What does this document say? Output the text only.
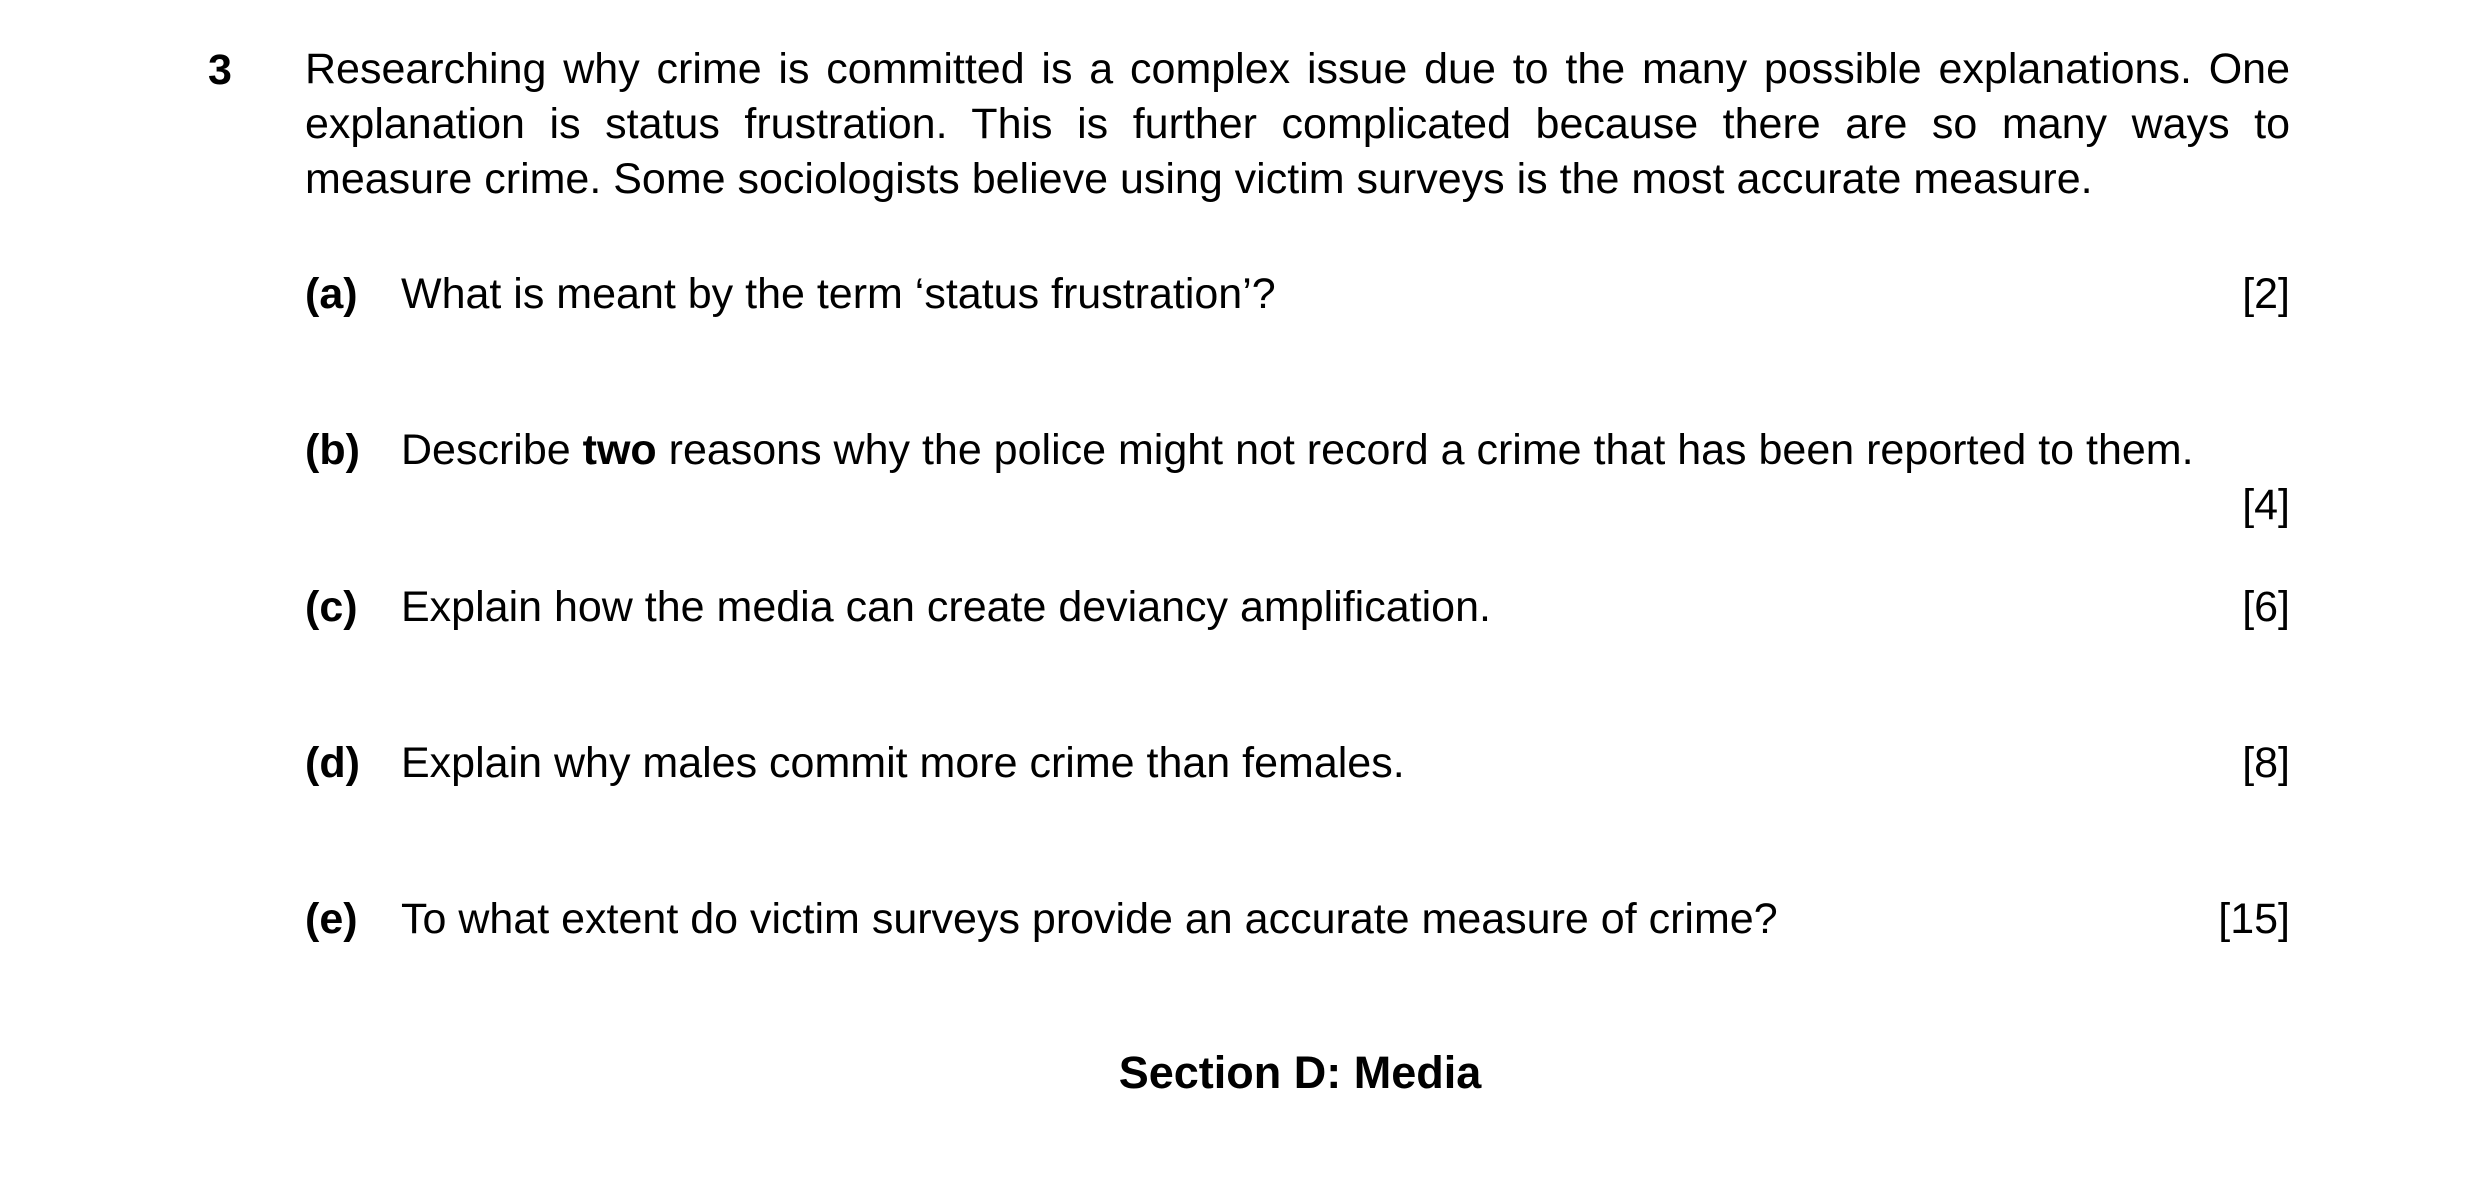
3 Researching why crime is committed is a complex issue due to the many possible explanations. One explanation is status frustration. This is further complicated because there are so many ways to measure crime. Some sociologists believe using victim surveys is the most accurate measure.
(a) What is meant by the term ‘status frustration’?	[2]
(b) Describe two reasons why the police might not record a crime that has been reported to them.
[4]
(c) Explain how the media can create deviancy amplification.	[6]
(d) Explain why males commit more crime than females.	[8]
(e) To what extent do victim surveys provide an accurate measure of crime?	[15]
Section D: Media
